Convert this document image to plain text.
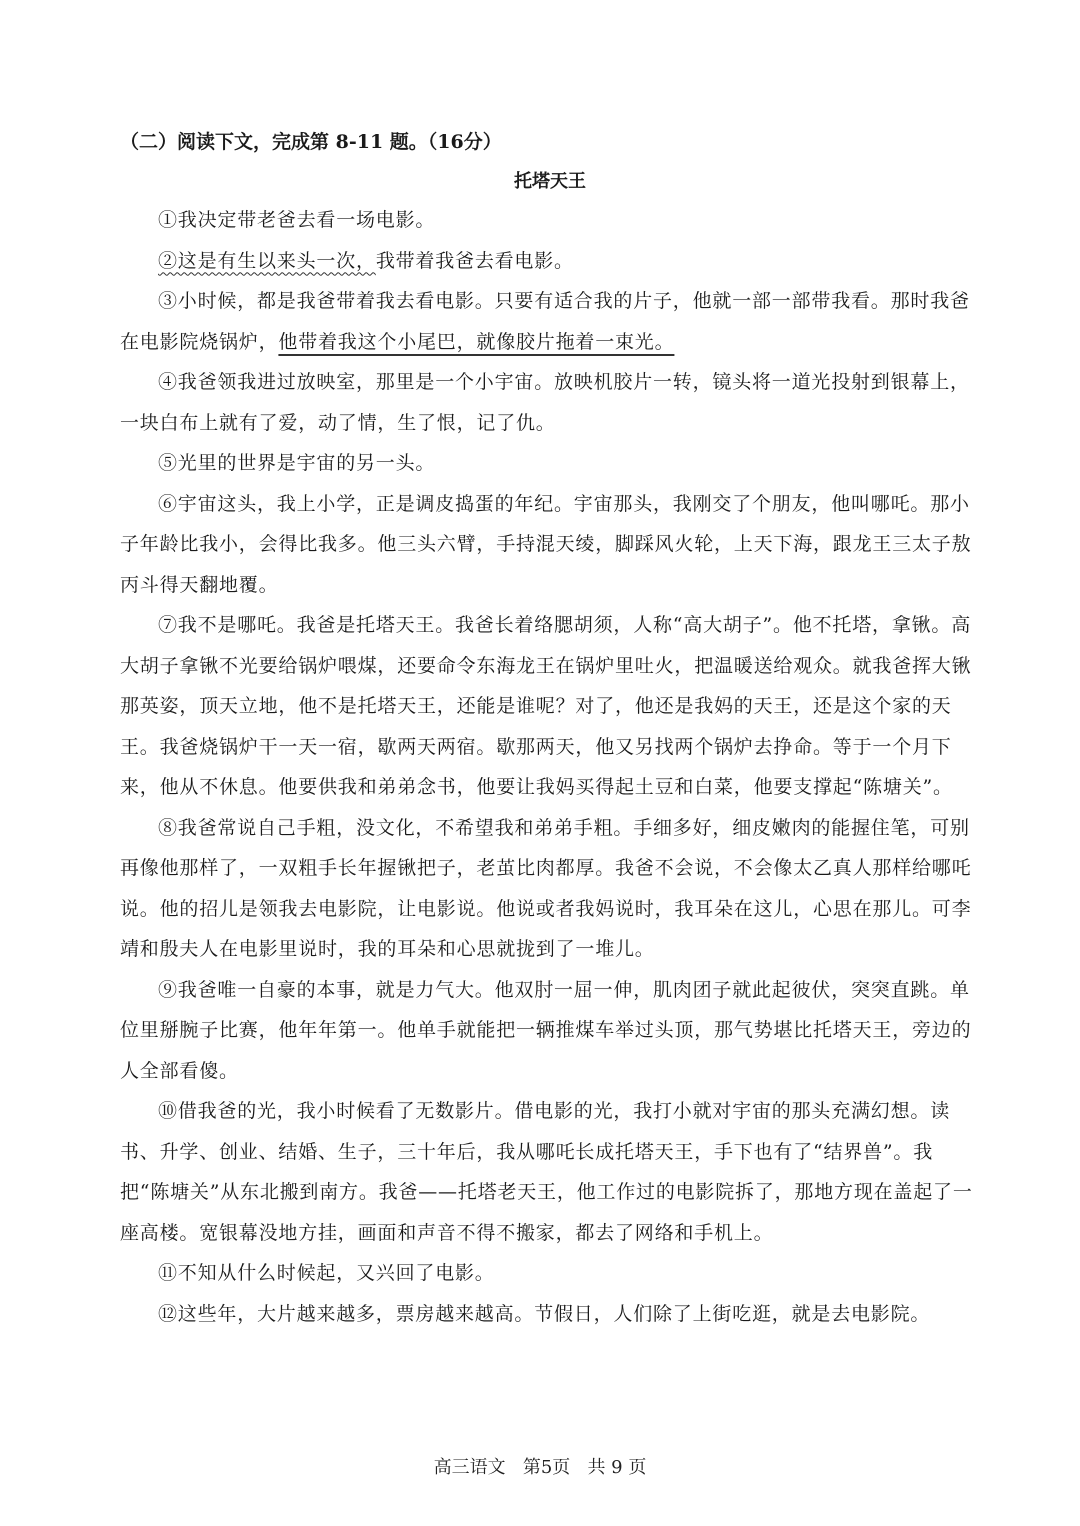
（二）阅读下文，完成第 8-11 题。（16分）
托塔天王

①我决定带老爸去看一场电影。

②这是有生以来头一次，我带着我爸去看电影。

③小时候，都是我爸带着我去看电影。只要有适合我的片子，他就一部一部带我看。那时我爸在电影院烧锅炉，他带着我这个小尾巴，就像胶片拖着一束光。

④我爸领我进过放映室，那里是一个小宇宙。放映机胶片一转，镜头将一道光投射到银幕上，一块白布上就有了爱，动了情，生了恨，记了仇。

⑤光里的世界是宇宙的另一头。

⑥宇宙这头，我上小学，正是调皮捣蛋的年纪。宇宙那头，我刚交了个朋友，他叫哪吒。那小子年龄比我小，会得比我多。他三头六臂，手持混天绫，脚踩风火轮，上天下海，跟龙王三太子敖丙斗得天翻地覆。

⑦我不是哪吒。我爸是托塔天王。我爸长着络腮胡须，人称“高大胡子”。他不托塔，拿锹。高大胡子拿锹不光要给锅炉喂煤，还要命令东海龙王在锅炉里吐火，把温暖送给观众。就我爸挥大锹那英姿，顶天立地，他不是托塔天王，还能是谁呢？对了，他还是我妈的天王，还是这个家的天王。我爸烧锅炉干一天一宿，歇两天两宿。歇那两天，他又另找两个锅炉去挣命。等于一个月下来，他从不休息。他要供我和弟弟念书，他要让我妈买得起土豆和白菜，他要支撑起“陈塘关”。

⑧我爸常说自己手粗，没文化，不希望我和弟弟手粗。手细多好，细皮嫩肉的能握住笔，可别再像他那样了，一双粗手长年握锹把子，老茧比肉都厚。我爸不会说，不会像太乙真人那样给哪吒说。他的招儿是领我去电影院，让电影说。他说或者我妈说时，我耳朵在这儿，心思在那儿。可李靖和殷夫人在电影里说时，我的耳朵和心思就拢到了一堆儿。

⑨我爸唯一自豪的本事，就是力气大。他双肘一屈一伸，肌肉团子就此起彼伏，突突直跳。单位里掰腕子比赛，他年年第一。他单手就能把一辆推煤车举过头顶，那气势堪比托塔天王，旁边的人全部看傻。

⑩借我爸的光，我小时候看了无数影片。借电影的光，我打小就对宇宙的那头充满幻想。读书、升学、创业、结婚、生子，三十年后，我从哪吒长成托塔天王，手下也有了“结界兽”。我把“陈塘关”从东北搬到南方。我爸——托塔老天王，他工作过的电影院拆了，那地方现在盖起了一座高楼。宽银幕没地方挂，画面和声音不得不搬家，都去了网络和手机上。

⑪不知从什么时候起，又兴回了电影。

⑫这些年，大片越来越多，票房越来越高。节假日，人们除了上街吃逛，就是去电影院。

高三语文   第5页   共 9 页
